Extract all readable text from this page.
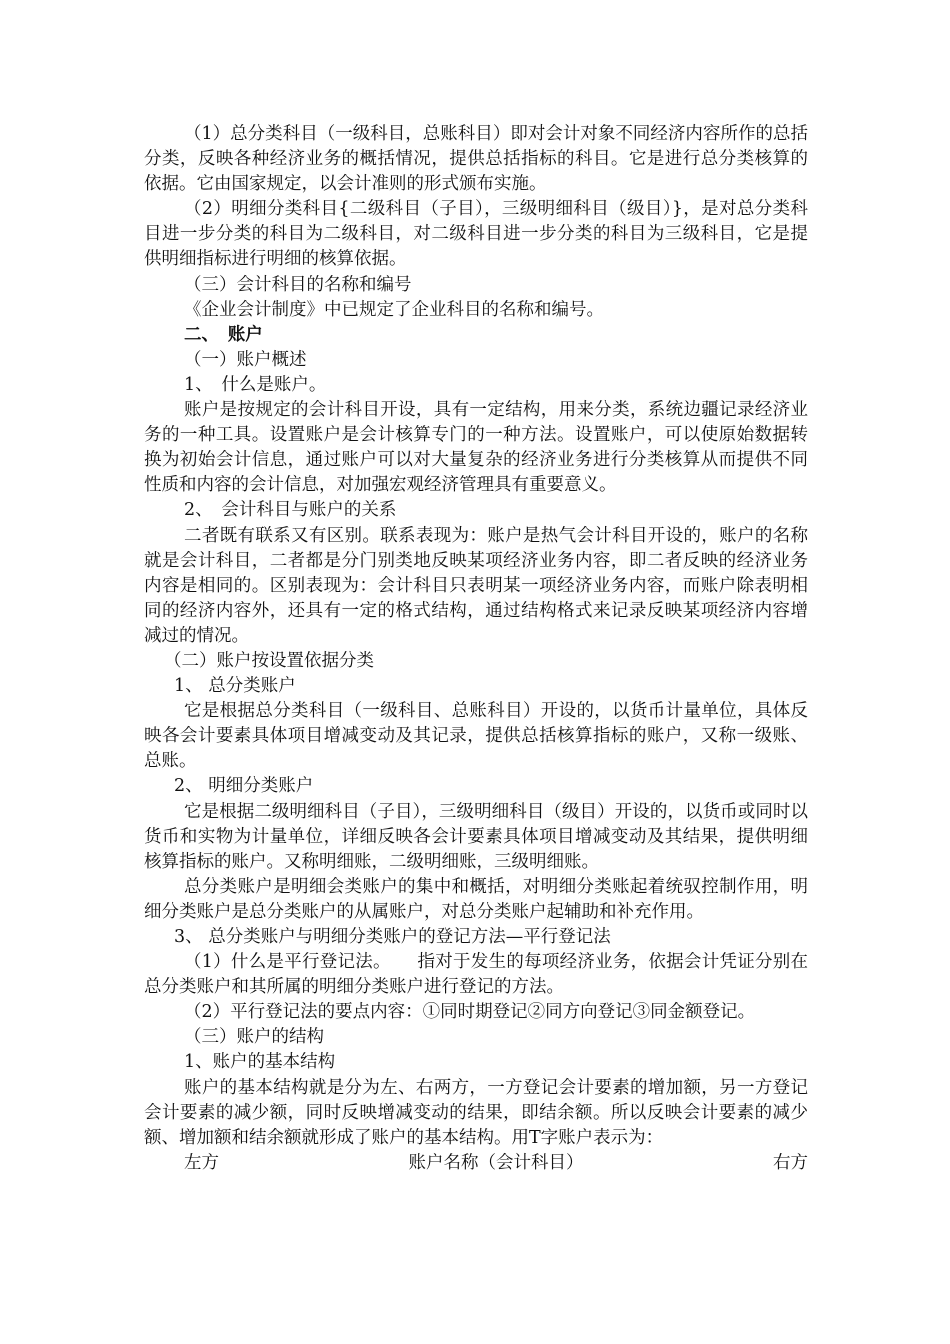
（1）总分类科目（一级科目，总账科目）即对会计对象不同经济内容所作的总括分类，反映各种经济业务的概括情况，提供总括指标的科目。它是进行总分类核算的依据。它由国家规定，以会计准则的形式颁布实施。

（2）明细分类科目{二级科目（子目），三级明细科目（级目）}，是对总分类科目进一步分类的科目为二级科目，对二级科目进一步分类的科目为三级科目，它是提供明细指标进行明细的核算依据。

（三）会计科目的名称和编号

《企业会计制度》中已规定了企业科目的名称和编号。

二、　账户

（一）账户概述

1、　什么是账户。

账户是按规定的会计科目开设，具有一定结构，用来分类，系统边疆记录经济业务的一种工具。设置账户是会计核算专门的一种方法。设置账户，可以使原始数据转换为初始会计信息，通过账户可以对大量复杂的经济业务进行分类核算从而提供不同性质和内容的会计信息，对加强宏观经济管理具有重要意义。

2、　会计科目与账户的关系

二者既有联系又有区别。联系表现为：账户是热气会计科目开设的，账户的名称就是会计科目，二者都是分门别类地反映某项经济业务内容，即二者反映的经济业务内容是相同的。区别表现为：会计科目只表明某一项经济业务内容，而账户除表明相同的经济内容外，还具有一定的格式结构，通过结构格式来记录反映某项经济内容增减过的情况。

（二）账户按设置依据分类

1、 总分类账户

它是根据总分类科目（一级科目、总账科目）开设的，以货币计量单位，具体反映各会计要素具体项目增减变动及其记录，提供总括核算指标的账户，又称一级账、总账。

2、 明细分类账户

它是根据二级明细科目（子目），三级明细科目（级目）开设的，以货币或同时以货币和实物为计量单位，详细反映各会计要素具体项目增减变动及其结果，提供明细核算指标的账户。又称明细账，二级明细账，三级明细账。

总分类账户是明细会类账户的集中和概括，对明细分类账起着统驭控制作用，明细分类账户是总分类账户的从属账户，对总分类账户起辅助和补充作用。

3、 总分类账户与明细分类账户的登记方法—平行登记法

（1）什么是平行登记法。　　指对于发生的每项经济业务，依据会计凭证分别在总分类账户和其所属的明细分类账户进行登记的方法。

（2）平行登记法的要点内容：①同时期登记②同方向登记③同金额登记。

（三）账户的结构

1、账户的基本结构

账户的基本结构就是分为左、右两方，一方登记会计要素的增加额，另一方登记会计要素的减少额，同时反映增减变动的结果，即结余额。所以反映会计要素的减少额、增加额和结余额就形成了账户的基本结构。用T字账户表示为：

左方	账户名称（会计科目）	右方
